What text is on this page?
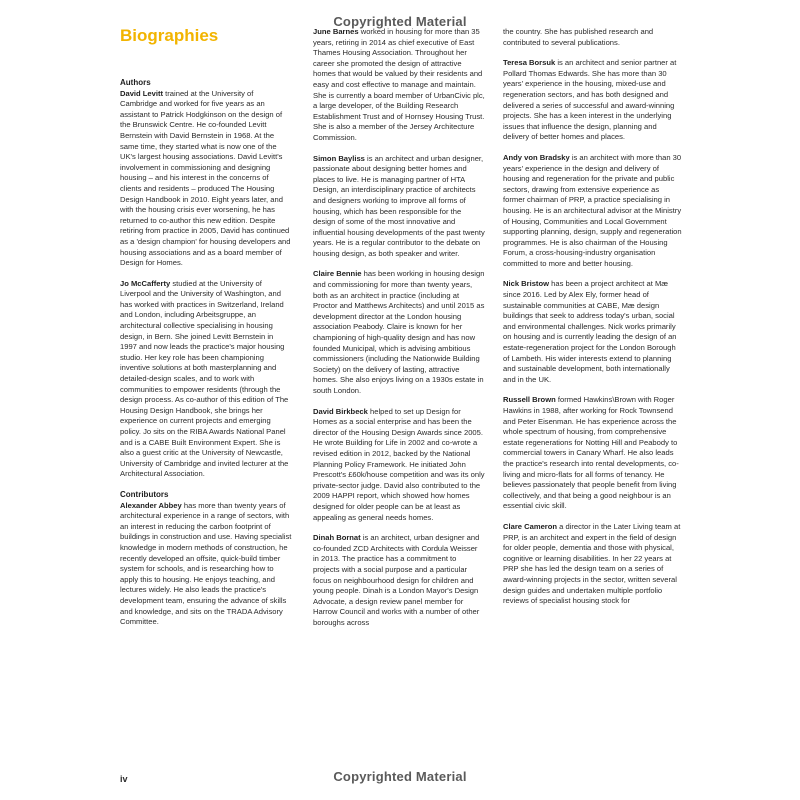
Copyrighted Material
Biographies

Authors

David Levitt trained at the University of Cambridge and worked for five years as an assistant to Patrick Hodgkinson on the design of the Brunswick Centre. He co-founded Levitt Bernstein with David Bernstein in 1968. At the same time, they started what is now one of the UK's largest housing associations. David Levitt's involvement in commissioning and designing housing – and his interest in the concerns of clients and residents – produced The Housing Design Handbook in 2010. Eight years later, and with the housing crisis ever worsening, he has returned to co-author this new edition. Despite retiring from practice in 2005, David has continued as a 'design champion' for housing developers and housing associations and as a board member of Design for Homes.

Jo McCafferty studied at the University of Liverpool and the University of Washington, and has worked with practices in Switzerland, Ireland and London, including Arbeitsgruppe, an architectural collective specialising in housing design, in Bern. She joined Levitt Bernstein in 1997 and now leads the practice's major housing studio. Her key role has been championing inventive solutions at both masterplanning and detailed-design scales, and to work with communities to empower residents (through the design process. As co-author of this edition of The Housing Design Handbook, she brings her experience on current projects and emerging policy. Jo sits on the RIBA Awards National Panel and is a CABE Built Environment Expert. She is also a guest critic at the University of Newcastle, University of Cambridge and invited lecturer at the Architectural Association.

Contributors

Alexander Abbey has more than twenty years of architectural experience in a range of sectors, with an interest in reducing the carbon footprint of buildings in construction and use. Having specialist knowledge in modern methods of construction, he recently developed an offsite, quick-build timber system for schools, and is researching how to apply this to housing. He enjoys teaching, and lectures widely. He also leads the practice's development team, ensuring the advance of skills and knowledge, and sits on the TRADA Advisory Committee.

June Barnes worked in housing for more than 35 years, retiring in 2014 as chief executive of East Thames Housing Association. Throughout her career she promoted the design of attractive homes that would be valued by their residents and easy and cost effective to manage and maintain. She is currently a board member of UrbanCivic plc, a large developer, of the Building Research Establishment Trust and of Hornsey Housing Trust. She is also a member of the Jersey Architecture Commission.

Simon Bayliss is an architect and urban designer, passionate about designing better homes and places to live. He is managing partner of HTA Design, an interdisciplinary practice of architects and designers working to improve all forms of housing, which has been responsible for the design of some of the most innovative and influential housing developments of the past twenty years. He is a regular contributor to the debate on housing design, as both speaker and writer.

Claire Bennie has been working in housing design and commissioning for more than twenty years, both as an architect in practice (including at Proctor and Matthews Architects) and until 2015 as development director at the London housing association Peabody. Claire is known for her championing of high-quality design and has now founded Municipal, which is advising ambitious commissioners (including the Nationwide Building Society) on the delivery of lasting, attractive homes. She also enjoys living on a 1930s estate in south London.

David Birkbeck helped to set up Design for Homes as a social enterprise and has been the director of the Housing Design Awards since 2005. He wrote Building for Life in 2002 and co-wrote a revised edition in 2012, backed by the National Planning Policy Framework. He initiated John Prescott's £60k/house competition and was its only private-sector judge. David also contributed to the 2009 HAPPI report, which showed how homes designed for older people can be at least as appealing as general needs homes.

Dinah Bornat is an architect, urban designer and co-founded ZCD Architects with Cordula Weisser in 2013. The practice has a commitment to projects with a social purpose and a particular focus on neighbourhood design for children and young people. Dinah is a London Mayor's Design Advocate, a design review panel member for Harrow Council and works with a number of other boroughs across

the country. She has published research and contributed to several publications.

Teresa Borsuk is an architect and senior partner at Pollard Thomas Edwards. She has more than 30 years' experience in the housing, mixed-use and regeneration sectors, and has both designed and delivered a series of successful and award-winning projects. She has a keen interest in the underlying issues that influence the design, planning and delivery of better homes and places.

Andy von Bradsky is an architect with more than 30 years' experience in the design and delivery of housing and regeneration for the private and public sectors, drawing from extensive experience as former chairman of PRP, a practice specialising in housing. He is an architectural advisor at the Ministry of Housing, Communities and Local Government supporting planning, design, supply and regeneration programmes. He is also chairman of the Housing Forum, a cross-housing-industry organisation committed to more and better housing.

Nick Bristow has been a project architect at Mæ since 2016. Led by Alex Ely, former head of sustainable communities at CABE, Mæ design buildings that seek to address today's urban, social and environmental challenges. Nick works primarily on housing and is currently leading the design of an estate-regeneration project for the London Borough of Lambeth. His wider interests extend to planning and sustainable development, both internationally and in the UK.

Russell Brown formed Hawkins\Brown with Roger Hawkins in 1988, after working for Rock Townsend and Peter Eisenman. He has experience across the whole spectrum of housing, from comprehensive estate regenerations for Notting Hill and Peabody to commercial towers in Canary Wharf. He also leads the practice's research into rental developments, co-living and micro-flats for all forms of tenancy. He believes passionately that people benefit from living collectively, and that being a good neighbour is an essential civic skill.

Clare Cameron a director in the Later Living team at PRP, is an architect and expert in the field of design for older people, dementia and those with physical, cognitive or learning disabilities. In her 22 years at PRP she has led the design team on a series of award-winning projects in the sector, written several design guides and undertaken multiple portfolio reviews of specialist housing stock for

iv	Copyrighted Material
